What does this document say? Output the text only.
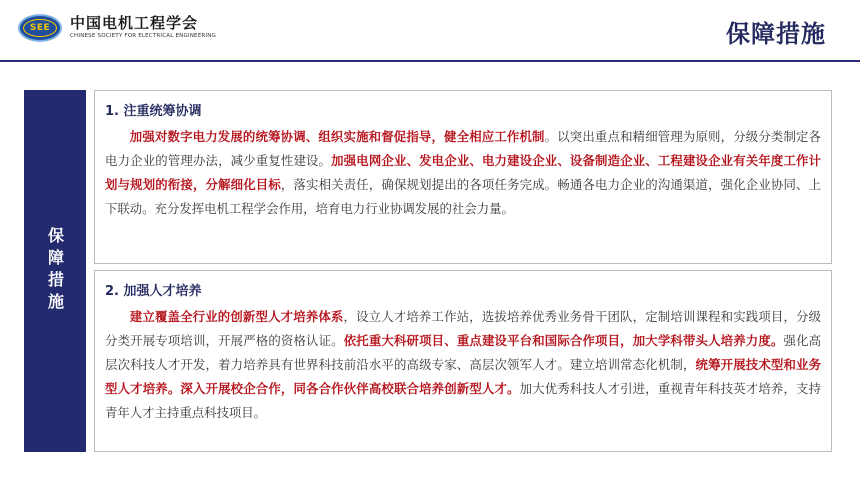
SEE 中国电机工程学会
CHINESE SOCIETY FOR ELECTRICAL ENGINEERING	保障措施
保障措施
1. 注重统筹协调
加强对数字电力发展的统筹协调、组织实施和督促指导，健全相应工作机制。以突出重点和精细管理为原则，分级分类制定各电力企业的管理办法，减少重复性建设。加强电网企业、发电企业、电力建设企业、设备制造企业、工程建设企业有关年度工作计划与规划的衔接，分解细化目标，落实相关责任，确保规划提出的各项任务完成。畅通各电力企业的沟通渠道，强化企业协同、上下联动。充分发挥电机工程学会作用，培育电力行业协调发展的社会力量。
2. 加强人才培养
建立覆盖全行业的创新型人才培养体系，设立人才培养工作站，选拔培养优秀业务骨干团队，定制培训课程和实践项目，分级分类开展专项培训，开展严格的资格认证。依托重大科研项目、重点建设平台和国际合作项目，加大学科带头人培养力度。强化高层次科技人才开发，着力培养具有世界科技前沿水平的高级专家、高层次领军人才。建立培训常态化机制，统筹开展技术型和业务型人才培养。深入开展校企合作，同各合作伙伴高校联合培养创新型人才。加大优秀科技人才引进，重视青年科技英才培养，支持青年人才主持重点科技项目。
